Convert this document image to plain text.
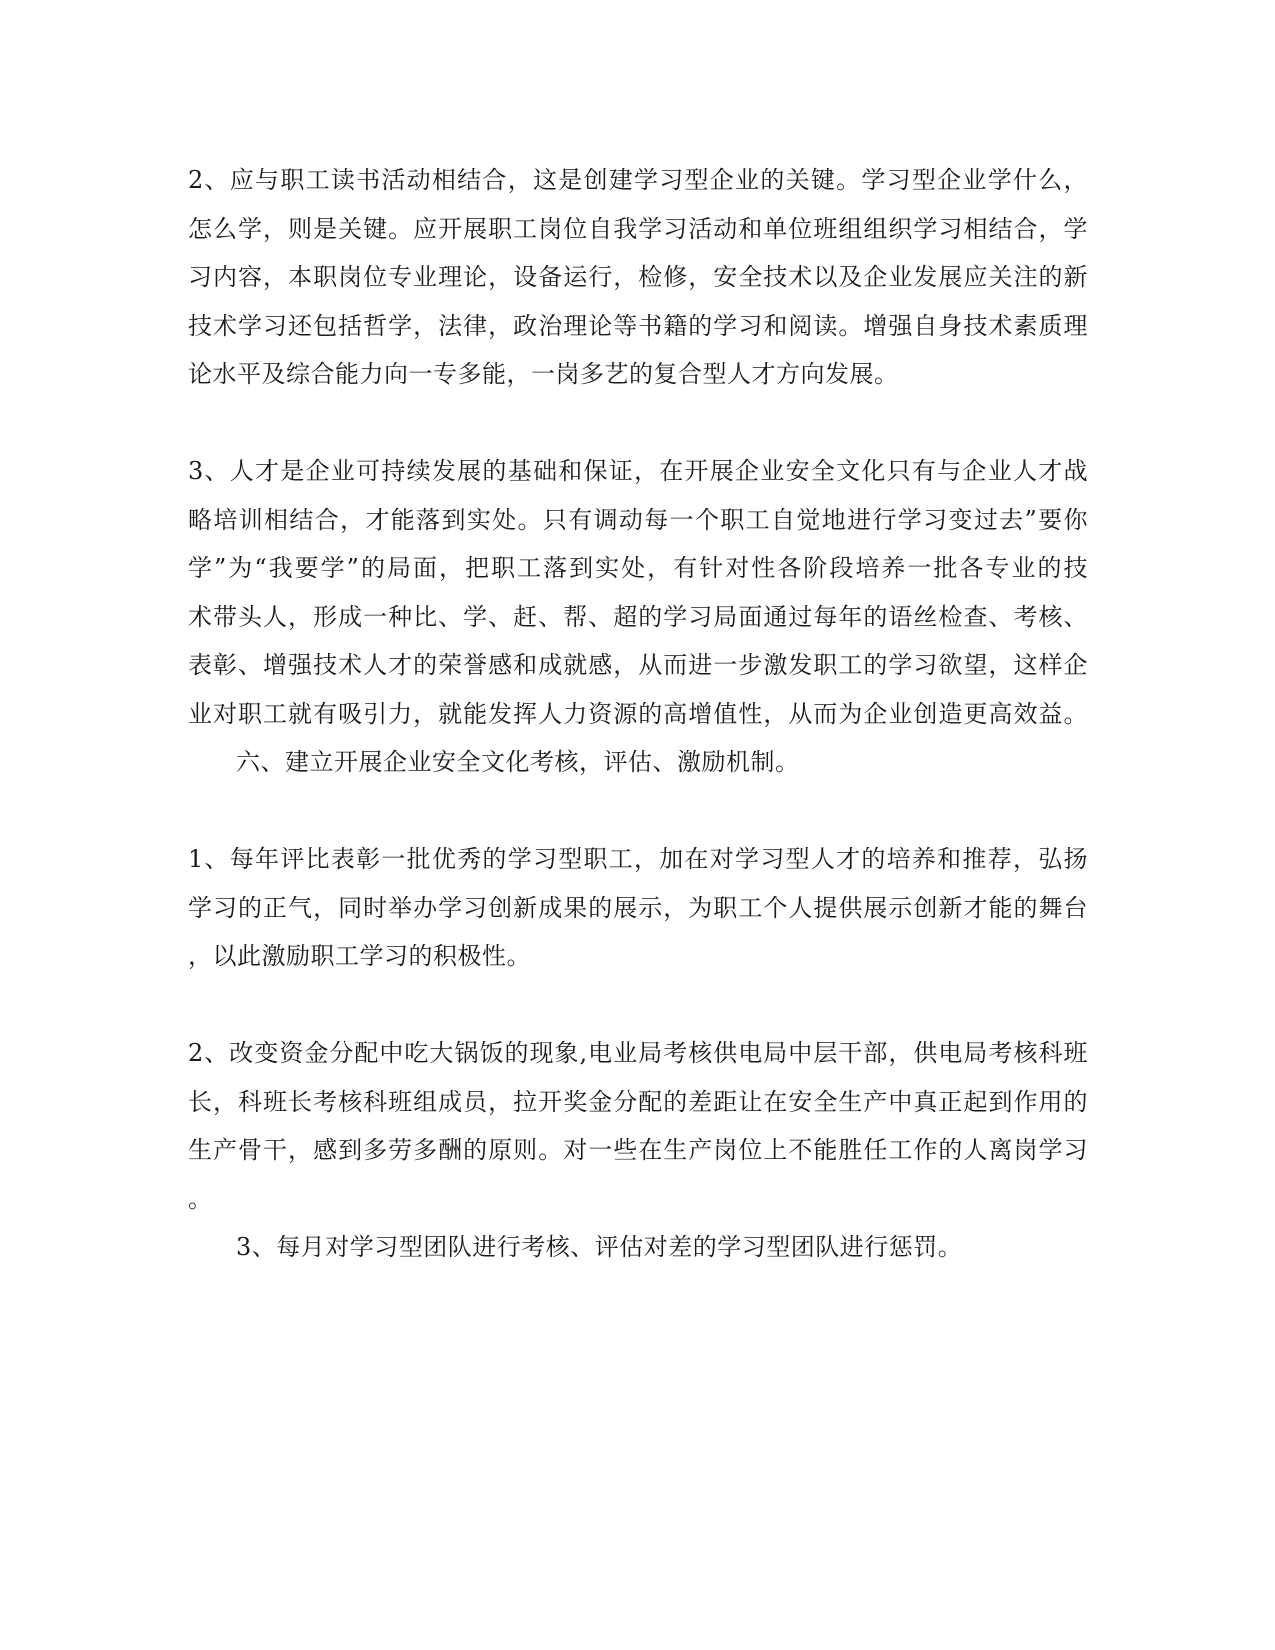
2、应与职工读书活动相结合，这是创建学习型企业的关键。学习型企业学什么，
怎么学，则是关键。应开展职工岗位自我学习活动和单位班组组织学习相结合，学
习内容，本职岗位专业理论，设备运行，检修，安全技术以及企业发展应关注的新
技术学习还包括哲学，法律，政治理论等书籍的学习和阅读。增强自身技术素质理
论水平及综合能力向一专多能，一岗多艺的复合型人才方向发展。
3、人才是企业可持续发展的基础和保证，在开展企业安全文化只有与企业人才战
略培训相结合，才能落到实处。只有调动每一个职工自觉地进行学习变过去”要你
学”为“我要学”的局面，把职工落到实处，有针对性各阶段培养一批各专业的技
术带头人，形成一种比、学、赶、帮、超的学习局面通过每年的语丝检查、考核、
表彰、增强技术人才的荣誉感和成就感，从而进一步激发职工的学习欲望，这样企
业对职工就有吸引力，就能发挥人力资源的高增值性，从而为企业创造更高效益。
六、建立开展企业安全文化考核，评估、激励机制。
1、每年评比表彰一批优秀的学习型职工，加在对学习型人才的培养和推荐，弘扬
学习的正气，同时举办学习创新成果的展示，为职工个人提供展示创新才能的舞台
，以此激励职工学习的积极性。
2、改变资金分配中吃大锅饭的现象,电业局考核供电局中层干部，供电局考核科班
长，科班长考核科班组成员，拉开奖金分配的差距让在安全生产中真正起到作用的
生产骨干，感到多劳多酬的原则。对一些在生产岗位上不能胜任工作的人离岗学习
。
3、每月对学习型团队进行考核、评估对差的学习型团队进行惩罚。
